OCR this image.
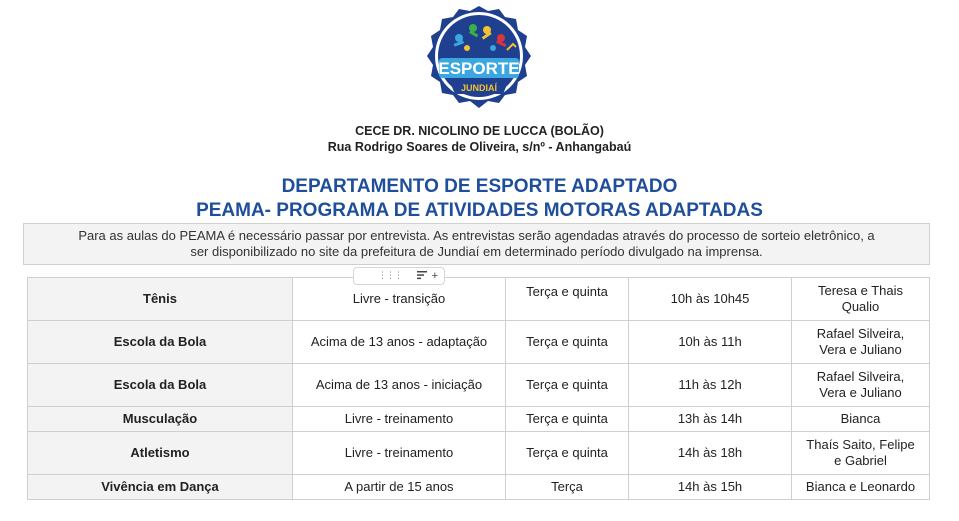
ESPORTE
JUNDIAÍ
CECE DR. NICOLINO DE LUCCA (BOLÃO)
Rua Rodrigo Soares de Oliveira, s/nº - Anhangabaú
DEPARTAMENTO DE ESPORTE ADAPTADO
PEAMA- PROGRAMA DE ATIVIDADES MOTORAS ADAPTADAS
Para as aulas do PEAMA é necessário passar por entrevista. As entrevistas serão agendadas através do processo de sorteio eletrônico, a
ser disponibilizado no site da prefeitura de Jundiaí em determinado período divulgado na imprensa.
⋮⋮⋮	+
Tênis	Livre - transição	Terça e quinta	10h às 10h45	Teresa e Thais
Qualio

Escola da Bola	Acima de 13 anos - adaptação	Terça e quinta	10h às 11h	Rafael Silveira,
Vera e Juliano

Escola da Bola	Acima de 13 anos - iniciação	Terça e quinta	11h às 12h	Rafael Silveira,
Vera e Juliano

Musculação	Livre - treinamento	Terça e quinta	13h às 14h	Bianca

Atletismo	Livre - treinamento	Terça e quinta	14h às 18h	Thaís Saito, Felipe
e Gabriel

Vivência em Dança	A partir de 15 anos	Terça	14h às 15h	Bianca e Leonardo
